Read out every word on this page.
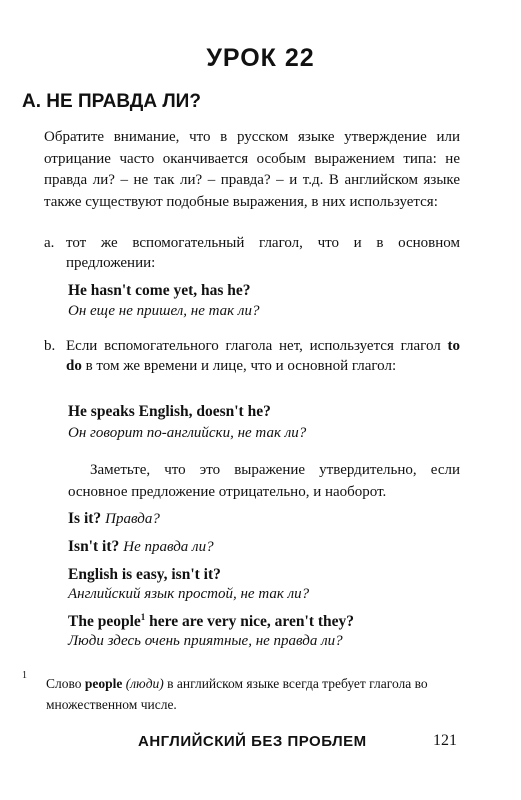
УРОК 22
А. НЕ ПРАВДА ЛИ?
Обратите внимание, что в русском языке утверждение или отрицание часто оканчивается особым выражением типа: не правда ли? – не так ли? – правда? – и т.д. В английском языке также существуют подобные выражения, в них используется:
a. тот же вспомогательный глагол, что и в основном предложении:
He hasn't come yet, has he?
Он еще не пришел, не так ли?
b. Если вспомогательного глагола нет, используется глагол to do в том же времени и лице, что и основной глагол:
He speaks English, doesn't he?
Он говорит по-английски, не так ли?
Заметьте, что это выражение утвердительно, если основное предложение отрицательно, и наоборот.
Is it? Правда?
Isn't it? Не правда ли?
English is easy, isn't it?
Английский язык простой, не так ли?
The people$^1$ here are very nice, aren't they?
Люди здесь очень приятные, не правда ли?
1
Слово people (люди) в английском языке всегда требует глагола во множественном числе.
АНГЛИЙСКИЙ БЕЗ ПРОБЛЕМ	121
